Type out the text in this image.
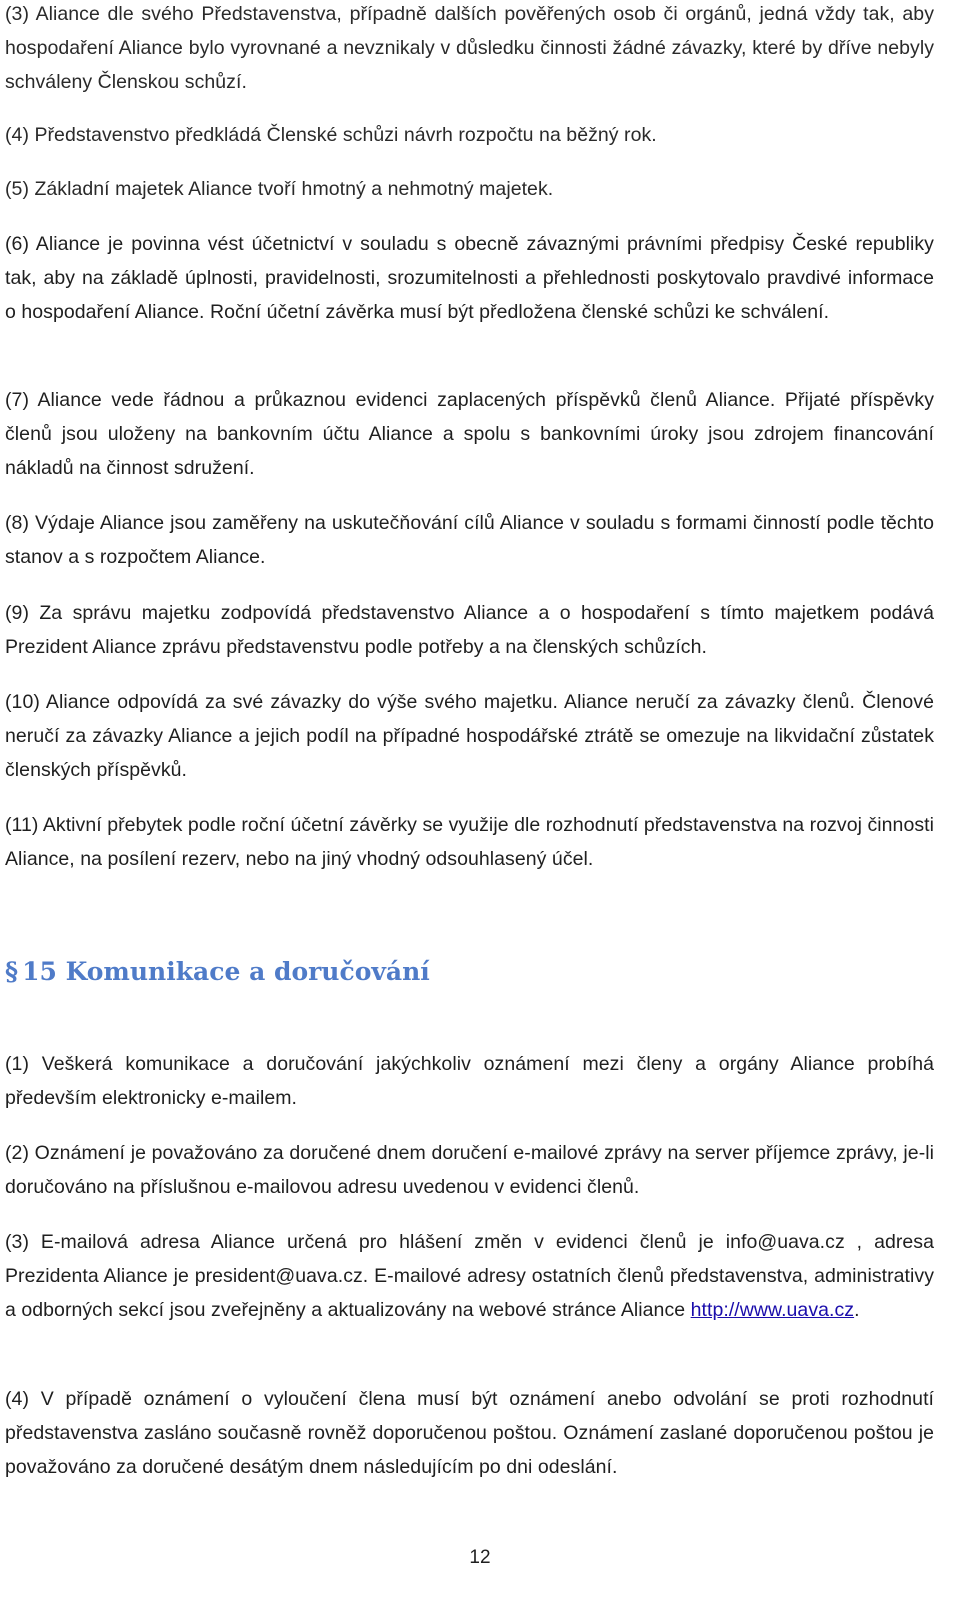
(3) Aliance dle svého Představenstva, případně dalších pověřených osob či orgánů, jedná vždy tak, aby hospodaření Aliance bylo vyrovnané a nevznikaly v důsledku činnosti žádné závazky, které by dříve nebyly schváleny Členskou schůzí.

(4) Představenstvo předkládá Členské schůzi návrh rozpočtu na běžný rok.

(5) Základní majetek Aliance tvoří hmotný a nehmotný majetek.

(6) Aliance je povinna vést účetnictví v souladu s obecně závaznými právními předpisy České republiky tak, aby na základě úplnosti, pravidelnosti, srozumitelnosti a přehlednosti poskytovalo pravdivé informace o hospodaření Aliance. Roční účetní závěrka musí být předložena členské schůzi ke schválení.

(7) Aliance vede řádnou a průkaznou evidenci zaplacených příspěvků členů Aliance. Přijaté příspěvky členů jsou uloženy na bankovním účtu Aliance a spolu s bankovními úroky jsou zdrojem financování nákladů na činnost sdružení.

(8) Výdaje Aliance jsou zaměřeny na uskutečňování cílů Aliance v souladu s formami činností podle těchto stanov a s rozpočtem Aliance.

(9) Za správu majetku zodpovídá představenstvo Aliance a o hospodaření s tímto majetkem podává Prezident Aliance zprávu představenstvu podle potřeby a na členských schůzích.

(10) Aliance odpovídá za své závazky do výše svého majetku. Aliance neručí za závazky členů. Členové neručí za závazky Aliance a jejich podíl na případné hospodářské ztrátě se omezuje na likvidační zůstatek členských příspěvků.

(11) Aktivní přebytek podle roční účetní závěrky se využije dle rozhodnutí představenstva na rozvoj činnosti Aliance, na posílení rezerv, nebo na jiný vhodný odsouhlasený účel.

§ 15 Komunikace a doručování

(1) Veškerá komunikace a doručování jakýchkoliv oznámení mezi členy a orgány Aliance probíhá především elektronicky e-mailem.

(2) Oznámení je považováno za doručené dnem doručení e-mailové zprávy na server příjemce zprávy, je-li doručováno na příslušnou e-mailovou adresu uvedenou v evidenci členů.

(3) E-mailová adresa Aliance určená pro hlášení změn v evidenci členů je info@uava.cz , adresa Prezidenta Aliance je president@uava.cz. E-mailové adresy ostatních členů představenstva, administrativy a odborných sekcí jsou zveřejněny a aktualizovány na webové stránce Aliance http://www.uava.cz.

(4) V případě oznámení o vyloučení člena musí být oznámení anebo odvolání se proti rozhodnutí představenstva zasláno současně rovněž doporučenou poštou. Oznámení zaslané doporučenou poštou je považováno za doručené desátým dnem následujícím po dni odeslání.

12
